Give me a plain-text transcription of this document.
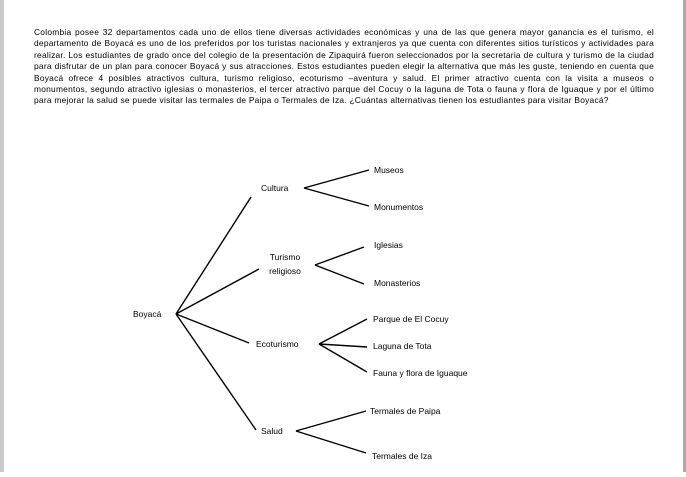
Colombia posee 32 departamentos cada uno de ellos tiene diversas actividades económicas y una de las que genera mayor ganancia es el turismo, el departamento de Boyacá es uno de los preferidos por los turistas nacionales y extranjeros ya que cuenta con diferentes sitios turísticos y actividades para realizar. Los estudiantes de grado once del colegio de la presentación de Zipaquirá fueron seleccionados por la secretaria de cultura y turismo de la ciudad para disfrutar de un plan para conocer Boyacá y sus atracciones. Estos estudiantes pueden elegir la alternativa que más les guste, teniendo en cuenta que Boyacá ofrece 4 posibles atractivos cultura, turismo religioso, ecoturismo –aventura y salud. El primer atractivo cuenta con la visita a museos o monumentos, segundo atractivo iglesias o monasterios, el tercer atractivo parque del Cocuy o la laguna de Tota o fauna y flora de Iguaque y por el último para mejorar la salud se puede visitar las termales de Paipa o Termales de Iza. ¿Cuántas alternativas tienen los estudiantes para visitar Boyacá?

Boyacá
Cultura
Turismo
religioso
Ecoturismo
Salud
Museos
Monumentos
Iglesias
Monasterios
Parque de El Cocuy
Laguna de Tota
Fauna y flora de Iguaque
Termales de Paipa
Termales de Iza
